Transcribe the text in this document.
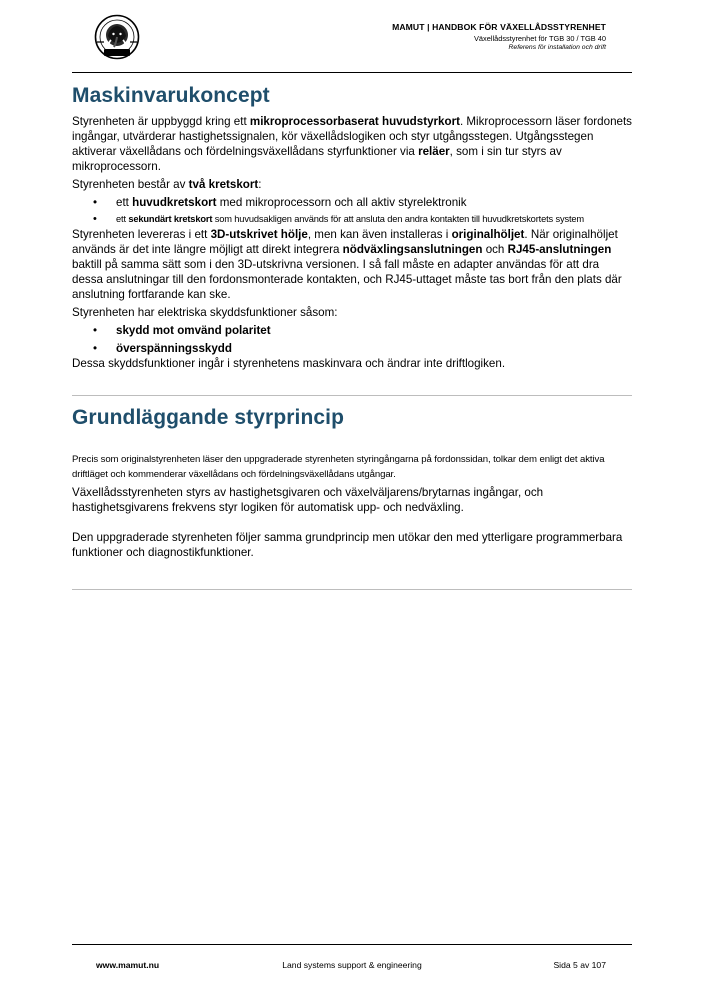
MAMUT | HANDBOK FÖR VÄXELLÅDSSTYRENHET
Växellådsstyrenhet för TGB 30 / TGB 40
Referens för installation och drift
Maskinvarukoncept

Styrenheten är uppbyggd kring ett mikroprocessorbaserat huvudstyrkort. Mikroprocessorn läser fordonets ingångar, utvärderar hastighetssignalen, kör växellådslogiken och styr utgångsstegen. Utgångsstegen aktiverar växellådans och fördelningsväxellådans styrfunktioner via reläer, som i sin tur styrs av mikroprocessorn.

Styrenheten består av två kretskort:

• ett huvudkretskort med mikroprocessorn och all aktiv styrelektronik
• ett sekundärt kretskort som huvudsakligen används för att ansluta den andra kontakten till huvudkretskortets system

Styrenheten levereras i ett 3D-utskrivet hölje, men kan även installeras i originalhöljet. När originalhöljet används är det inte längre möjligt att direkt integrera nödväxlingsanslutningen och RJ45-anslutningen baktill på samma sätt som i den 3D-utskrivna versionen. I så fall måste en adapter användas för att dra dessa anslutningar till den fordonsmonterade kontakten, och RJ45-uttaget måste tas bort från den plats där anslutning fortfarande kan ske.

Styrenheten har elektriska skyddsfunktioner såsom:

• skydd mot omvänd polaritet
• överspänningsskydd

Dessa skyddsfunktioner ingår i styrenhetens maskinvara och ändrar inte driftlogiken.

Grundläggande styrprincip

Precis som originalstyrenheten läser den uppgraderade styrenheten styringångarna på fordonssidan, tolkar dem enligt det aktiva driftläget och kommenderar växellådans och fördelningsväxellådans utgångar.

Växellådsstyrenheten styrs av hastighetsgivaren och växelväljarens/brytarnas ingångar, och hastighetsgivarens frekvens styr logiken för automatisk upp- och nedväxling.

Den uppgraderade styrenheten följer samma grundprincip men utökar den med ytterligare programmerbara funktioner och diagnostikfunktioner.

www.mamut.nu	Land systems support & engineering	Sida 5 av 107
